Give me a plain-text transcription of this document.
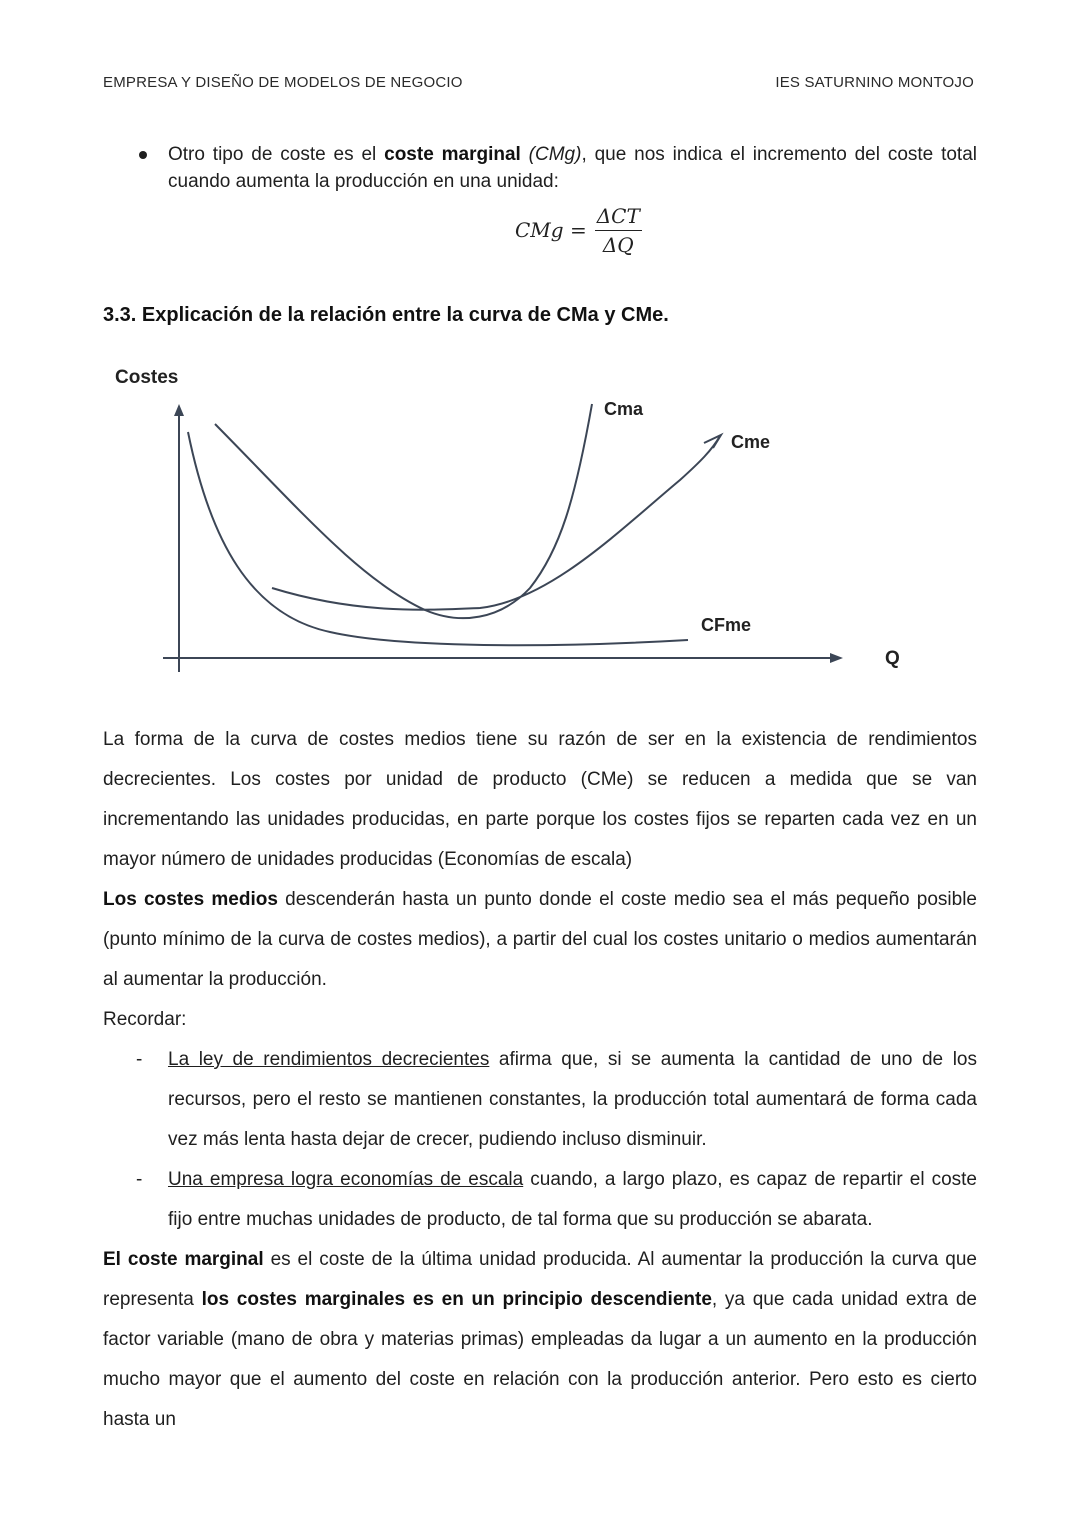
EMPRESA Y DISEÑO DE MODELOS DE NEGOCIO	IES SATURNINO MONTOJO

Otro tipo de coste es el coste marginal (CMg), que nos indica el incremento del coste total cuando aumenta la producción en una unidad:
CMg = $\frac{\text{ΔCT}}{\Delta Q}$
3.3. Explicación de la relación entre la curva de CMa y CMe.
Costes
Q
Cma
Cme
CFme

La forma de la curva de costes medios tiene su razón de ser en la existencia de rendimientos decrecientes. Los costes por unidad de producto (CMe) se reducen a medida que se van incrementando las unidades producidas, en parte porque los costes fijos se reparten cada vez en un mayor número de unidades producidas (Economías de escala)

Los costes medios descenderán hasta un punto donde el coste medio sea el más pequeño posible (punto mínimo de la curva de costes medios), a partir del cual los costes unitario o medios aumentarán al aumentar la producción.

Recordar:

- La ley de rendimientos decrecientes afirma que, si se aumenta la cantidad de uno de los recursos, pero el resto se mantienen constantes, la producción total aumentará de forma cada vez más lenta hasta dejar de crecer, pudiendo incluso disminuir.

- Una empresa logra economías de escala cuando, a largo plazo, es capaz de repartir el coste fijo entre muchas unidades de producto, de tal forma que su producción se abarata.

El coste marginal es el coste de la última unidad producida. Al aumentar la producción la curva que representa los costes marginales es en un principio descendiente, ya que cada unidad extra de factor variable (mano de obra y materias primas) empleadas da lugar a un aumento en la producción mucho mayor que el aumento del coste en relación con la producción anterior. Pero esto es cierto hasta un
